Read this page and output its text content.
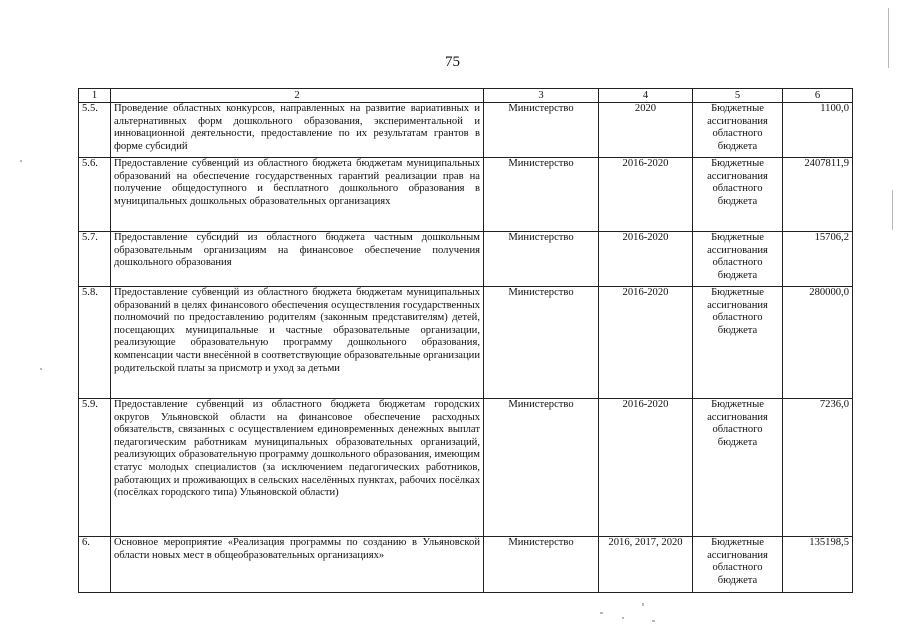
75
1	2	3	4	5	6
5.5.	Проведение областных конкурсов, направленных на развитие вариативных и альтернативных форм дошкольного образования, экспериментальной и инновационной деятельности, предоставление по их результатам грантов в форме субсидий	Министерство	2020	Бюджетные ассигнования областного бюджета	1100,0
5.6.	Предоставление субвенций из областного бюджета бюджетам муниципальных образований на обеспечение государственных гарантий реализации прав на получение общедоступного и бесплатного дошкольного образования в муниципальных дошкольных образовательных организациях	Министерство	2016-2020	Бюджетные ассигнования областного бюджета	2407811,9
5.7.	Предоставление субсидий из областного бюджета частным дошкольным образовательным организациям на финансовое обеспечение получения дошкольного образования	Министерство	2016-2020	Бюджетные ассигнования областного бюджета	15706,2
5.8.	Предоставление субвенций из областного бюджета бюджетам муниципальных образований в целях финансового обеспечения осуществления государственных полномочий по предоставлению родителям (законным представителям) детей, посещающих муниципальные и частные образовательные организации, реализующие образовательную программу дошкольного образования, компенсации части внесённой в соответствующие образовательные организации родительской платы за присмотр и уход за детьми	Министерство	2016-2020	Бюджетные ассигнования областного бюджета	280000,0
5.9.	Предоставление субвенций из областного бюджета бюджетам городских округов Ульяновской области на финансовое обеспечение расходных обязательств, связанных с осуществлением единовременных денежных выплат педагогическим работникам муниципальных образовательных организаций, реализующих образовательную программу дошкольного образования, имеющим статус молодых специалистов (за исключением педагогических работников, работающих и проживающих в сельских населённых пунктах, рабочих посёлках (посёлках городского типа) Ульяновской области)	Министерство	2016-2020	Бюджетные ассигнования областного бюджета	7236,0
6.	Основное мероприятие «Реализация программы по созданию в Ульяновской области новых мест в общеобразовательных организациях»	Министерство	2016, 2017, 2020	Бюджетные ассигнования областного бюджета	135198,5
